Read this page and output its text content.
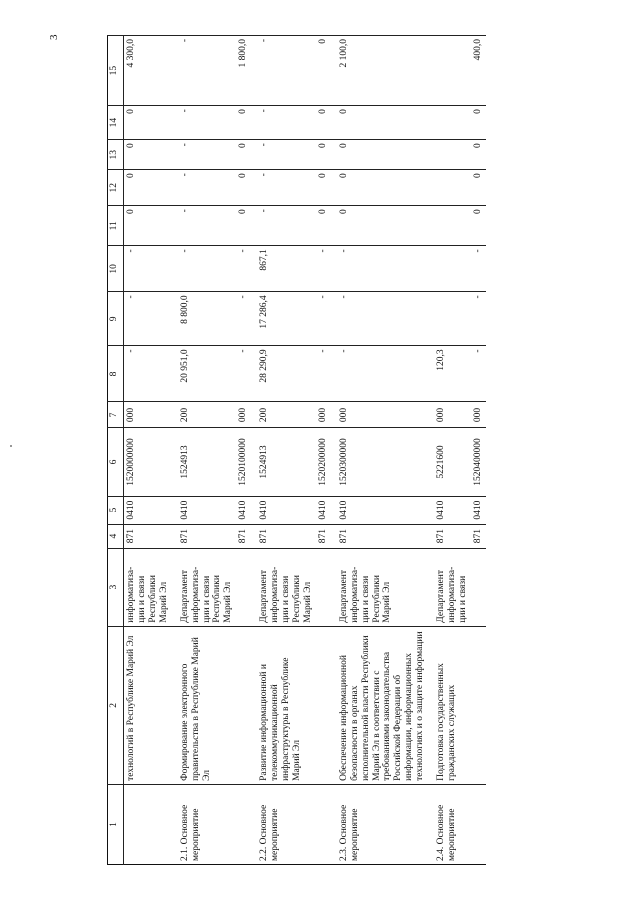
3
1	2	3	4	5	6	7	8	9	10	11	12	13	14	15
	технологий в Республике Марий Эл	информатиза-ции и связи Республики Марий Эл	871	0410	1520000000	000	-	-	-	0	0	0	0	4 300,0
2.1. Основное мероприятие	Формирование электронного правительства в Республике Марий Эл	Департамент информатиза-ции и связи Республики Марий Эл	871	0410	1524913	200	20 951,0	8 800,0	-	-	-	-	-	-
			871	0410	1520100000	000	-	-	-	0	0	0	0	1 800,0
2.2. Основное мероприятие	Развитие информационной и телекоммуникационной инфраструктуры в Республике Марий Эл	Департамент информатиза-ции и связи Республики Марий Эл	871	0410	1524913	200	28 290,9	17 286,4	867,1	-	-	-	-	-
			871	0410	1520200000	000	-	-	-	0	0	0	0	0
2.3. Основное мероприятие	Обеспечение информационной безопасности в органах исполнительной власти Республики Марий Эл в соответствии с требованиями законодательства Российской Федерации об информации, информационных технологиях и о защите информации	Департамент информатиза-ции и связи Республики Марий Эл	871	0410	1520300000	000	-	-	-	0	0	0	0	2 100,0
2.4. Основное мероприятие	Подготовка государственных гражданских служащих	Департамент информатиза-ции и связи	871	0410	5221600	000	120,3							
			871	0410	1520400000	000	-	-	-	0	0	0	0	400,0
